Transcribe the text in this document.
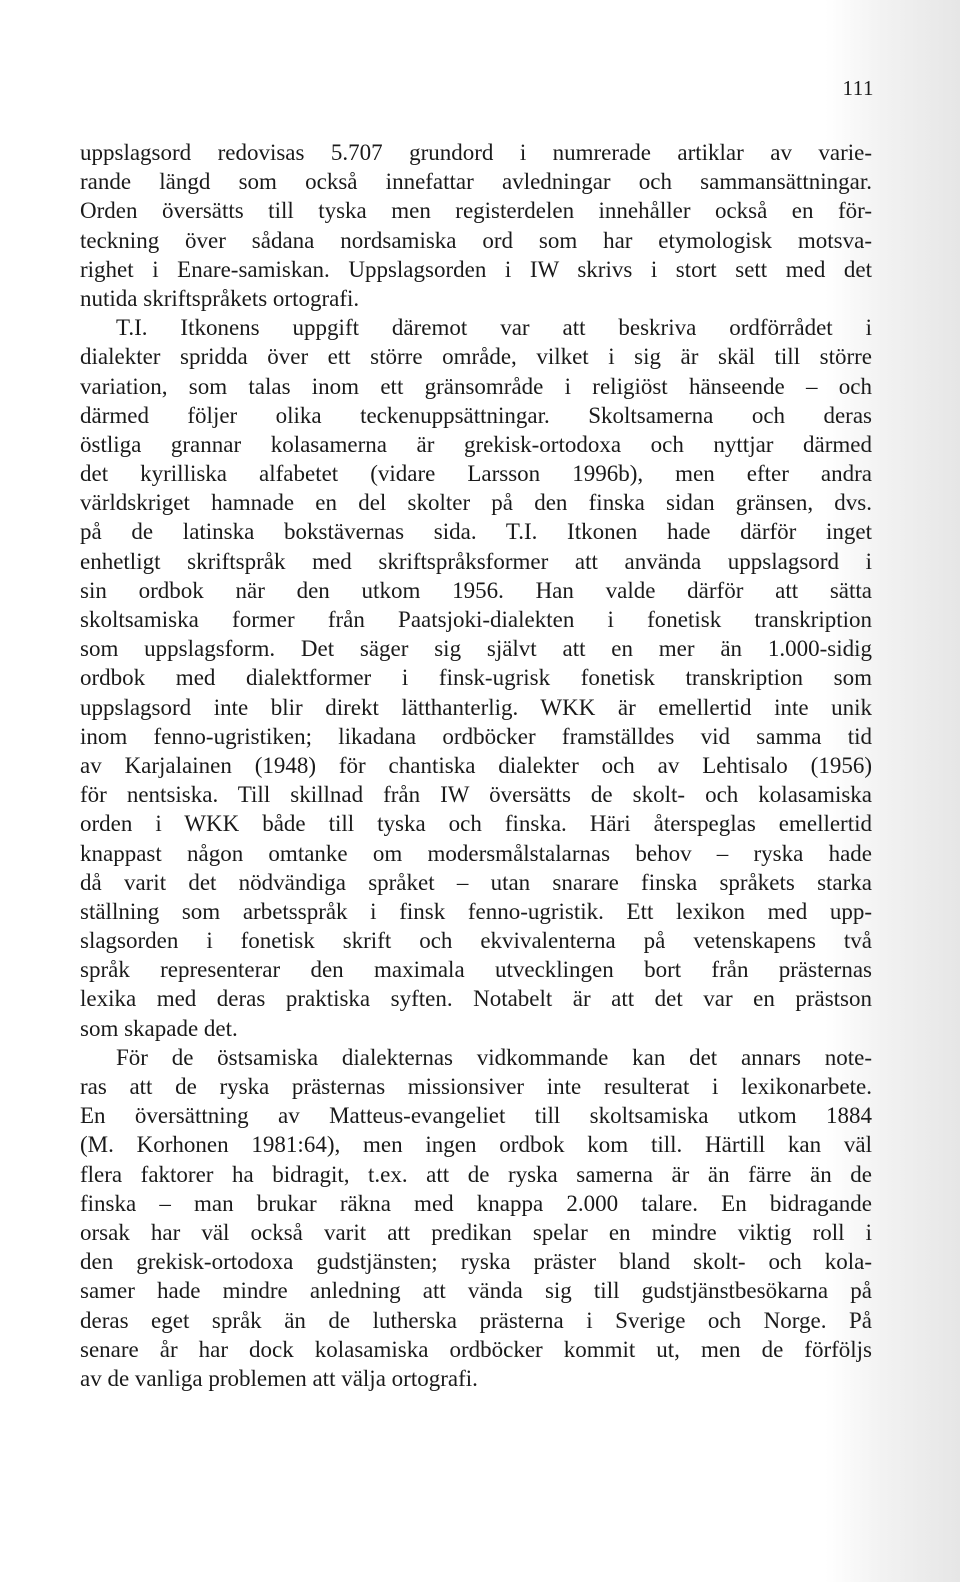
111
uppslagsord redovisas 5.707 grundord i numrerade artiklar av varie-
rande längd som också innefattar avledningar och sammansättningar.
Orden översätts till tyska men registerdelen innehåller också en för-
teckning över sådana nordsamiska ord som har etymologisk motsva-
righet i Enare-samiskan. Uppslagsorden i IW skrivs i stort sett med det
nutida skriftspråkets ortografi.
T.I. Itkonens uppgift däremot var att beskriva ordförrådet i
dialekter spridda över ett större område, vilket i sig är skäl till större
variation, som talas inom ett gränsområde i religiöst hänseende – och
därmed följer olika teckenuppsättningar. Skoltsamerna och deras
östliga grannar kolasamerna är grekisk-ortodoxa och nyttjar därmed
det kyrilliska alfabetet (vidare Larsson 1996b), men efter andra
världskriget hamnade en del skolter på den finska sidan gränsen, dvs.
på de latinska bokstävernas sida. T.I. Itkonen hade därför inget
enhetligt skriftspråk med skriftspråksformer att använda uppslagsord i
sin ordbok när den utkom 1956. Han valde därför att sätta
skoltsamiska former från Paatsjoki-dialekten i fonetisk transkription
som uppslagsform. Det säger sig självt att en mer än 1.000-sidig
ordbok med dialektformer i finsk-ugrisk fonetisk transkription som
uppslagsord inte blir direkt lätthanterlig. WKK är emellertid inte unik
inom fenno-ugristiken; likadana ordböcker framställdes vid samma tid
av Karjalainen (1948) för chantiska dialekter och av Lehtisalo (1956)
för nentsiska. Till skillnad från IW översätts de skolt- och kolasamiska
orden i WKK både till tyska och finska. Häri återspeglas emellertid
knappast någon omtanke om modersmålstalarnas behov – ryska hade
då varit det nödvändiga språket – utan snarare finska språkets starka
ställning som arbetsspråk i finsk fenno-ugristik. Ett lexikon med upp-
slagsorden i fonetisk skrift och ekvivalenterna på vetenskapens två
språk representerar den maximala utvecklingen bort från prästernas
lexika med deras praktiska syften. Notabelt är att det var en prästson
som skapade det.
För de östsamiska dialekternas vidkommande kan det annars note-
ras att de ryska prästernas missionsiver inte resulterat i lexikonarbete.
En översättning av Matteus-evangeliet till skoltsamiska utkom 1884
(M. Korhonen 1981:64), men ingen ordbok kom till. Härtill kan väl
flera faktorer ha bidragit, t.ex. att de ryska samerna är än färre än de
finska – man brukar räkna med knappa 2.000 talare. En bidragande
orsak har väl också varit att predikan spelar en mindre viktig roll i
den grekisk-ortodoxa gudstjänsten; ryska präster bland skolt- och kola-
samer hade mindre anledning att vända sig till gudstjänstbesökarna på
deras eget språk än de lutherska prästerna i Sverige och Norge. På
senare år har dock kolasamiska ordböcker kommit ut, men de förföljs
av de vanliga problemen att välja ortografi.
